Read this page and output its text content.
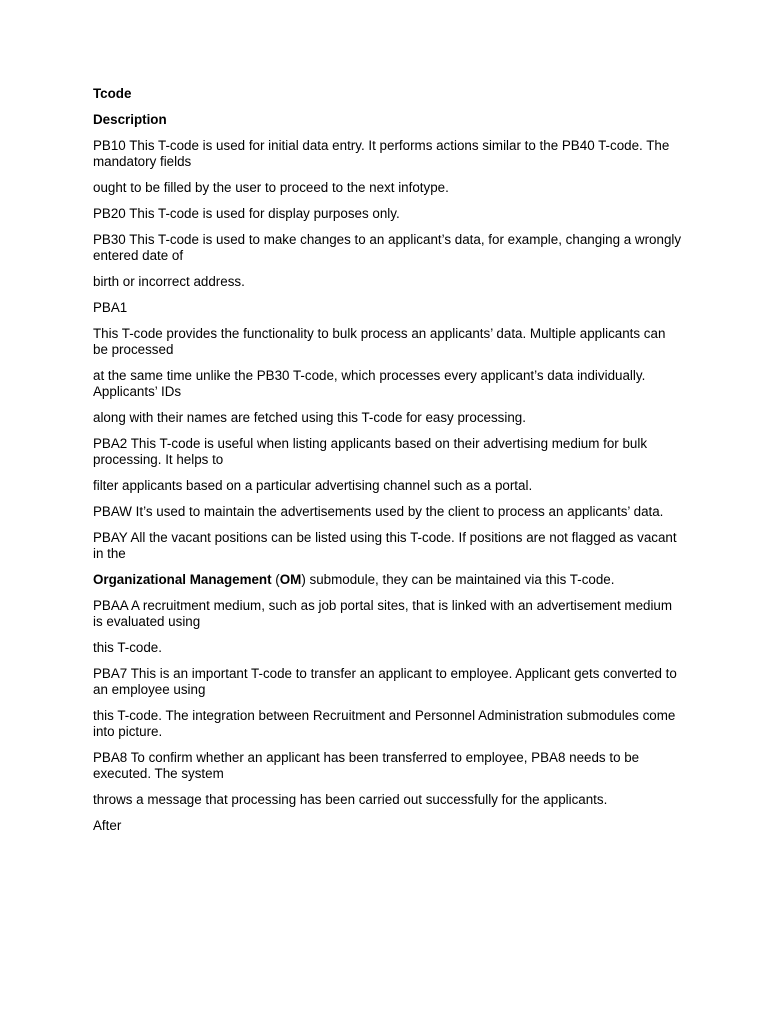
Tcode

Description

PB10 This T-code is used for initial data entry. It performs actions similar to the PB40 T-code. The mandatory fields

ought to be filled by the user to proceed to the next infotype.

PB20 This T-code is used for display purposes only.

PB30 This T-code is used to make changes to an applicant’s data, for example, changing a wrongly entered date of

birth or incorrect address.

PBA1

This T-code provides the functionality to bulk process an applicants’ data. Multiple applicants can be processed

at the same time unlike the PB30 T-code, which processes every applicant’s data individually. Applicants’ IDs

along with their names are fetched using this T-code for easy processing.

PBA2 This T-code is useful when listing applicants based on their advertising medium for bulk processing. It helps to

filter applicants based on a particular advertising channel such as a portal.

PBAW It’s used to maintain the advertisements used by the client to process an applicants’ data.

PBAY All the vacant positions can be listed using this T-code. If positions are not flagged as vacant in the

Organizational Management (OM) submodule, they can be maintained via this T-code.

PBAA A recruitment medium, such as job portal sites, that is linked with an advertisement medium is evaluated using

this T-code.

PBA7 This is an important T-code to transfer an applicant to employee. Applicant gets converted to an employee using

this T-code. The integration between Recruitment and Personnel Administration submodules come into picture.

PBA8 To confirm whether an applicant has been transferred to employee, PBA8 needs to be executed. The system

throws a message that processing has been carried out successfully for the applicants.

After
